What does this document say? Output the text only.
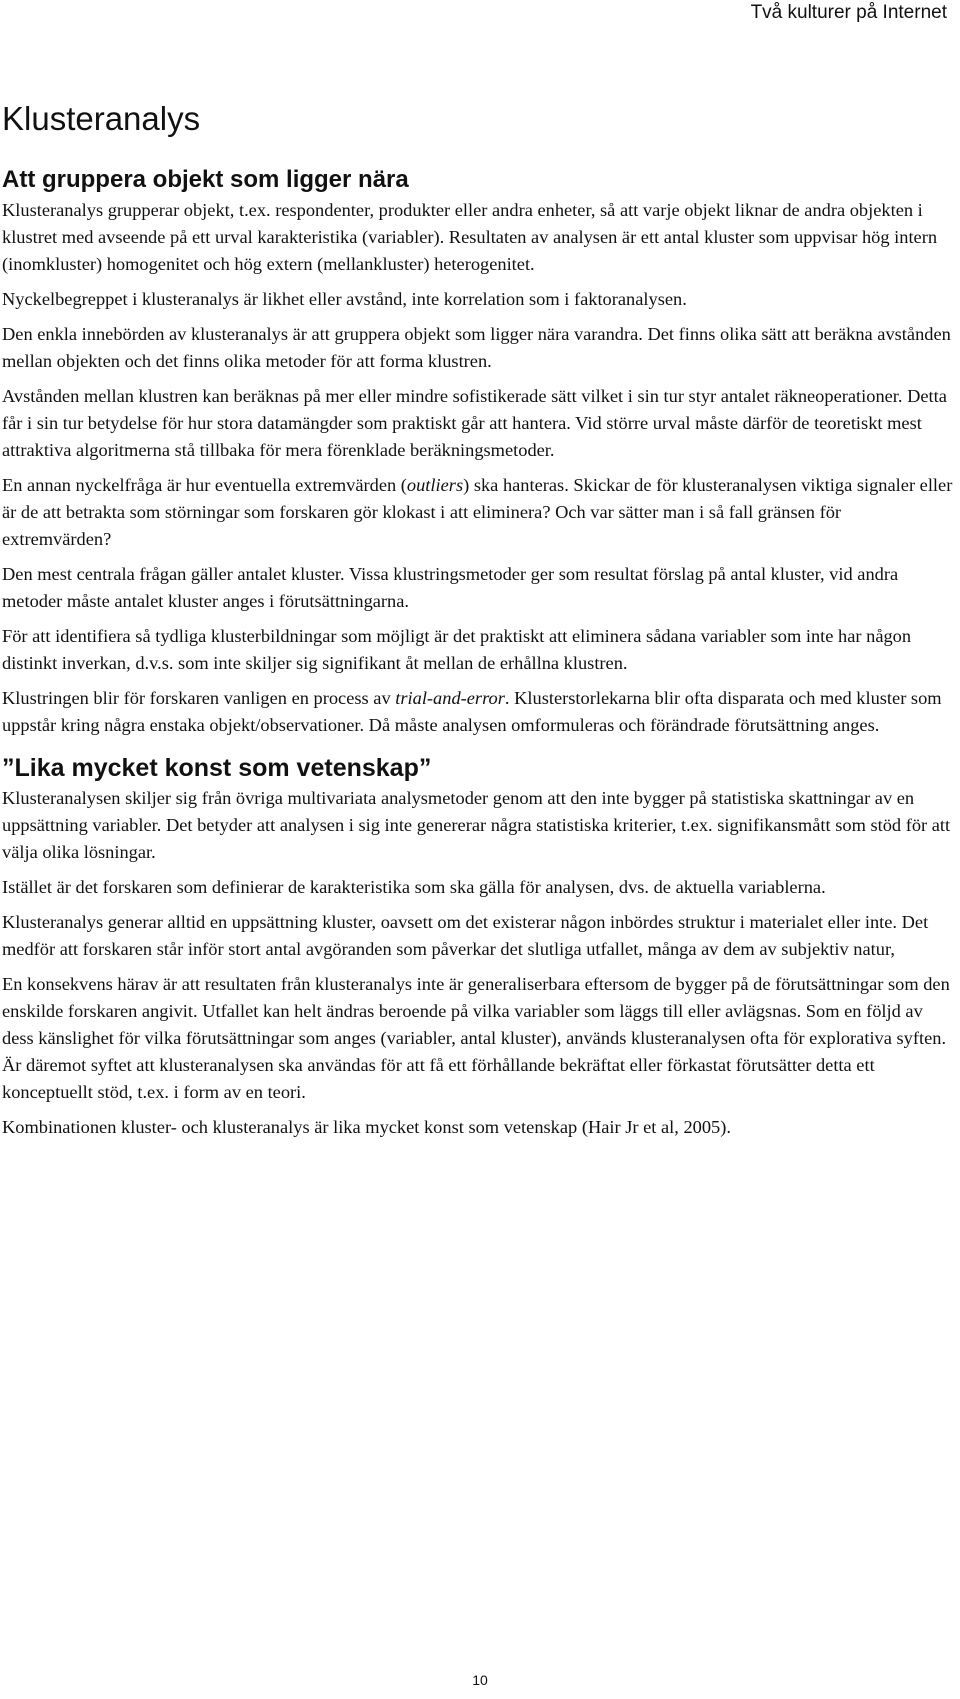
Två kulturer på Internet
Klusteranalys
Att gruppera objekt som ligger nära

Klusteranalys grupperar objekt, t.ex. respondenter, produkter eller andra enheter, så att varje objekt liknar de andra objekten i klustret med avseende på ett urval karakteristika (variabler). Resultaten av analysen är ett antal kluster som uppvisar hög intern (inomkluster) homogenitet och hög extern (mellankluster) heterogenitet.

Nyckelbegreppet i klusteranalys är likhet eller avstånd, inte korrelation som i faktoranalysen.

Den enkla innebörden av klusteranalys är att gruppera objekt som ligger nära varandra. Det finns olika sätt att beräkna avstånden mellan objekten och det finns olika metoder för att forma klustren.

Avstånden mellan klustren kan beräknas på mer eller mindre sofistikerade sätt vilket i sin tur styr antalet räkneoperationer. Detta får i sin tur betydelse för hur stora datamängder som praktiskt går att hantera. Vid större urval måste därför de teoretiskt mest attraktiva algoritmerna stå tillbaka för mera förenklade beräkningsmetoder.

En annan nyckelfråga är hur eventuella extremvärden (outliers) ska hanteras. Skickar de för klusteranalysen viktiga signaler eller är de att betrakta som störningar som forskaren gör klokast i att eliminera? Och var sätter man i så fall gränsen för extremvärden?

Den mest centrala frågan gäller antalet kluster. Vissa klustringsmetoder ger som resultat förslag på antal kluster, vid andra metoder måste antalet kluster anges i förutsättningarna.

För att identifiera så tydliga klusterbildningar som möjligt är det praktiskt att eliminera sådana variabler som inte har någon distinkt inverkan, d.v.s. som inte skiljer sig signifikant åt mellan de erhållna klustren.

Klustringen blir för forskaren vanligen en process av trial-and-error. Klusterstorlekarna blir ofta disparata och med kluster som uppstår kring några enstaka objekt/observationer. Då måste analysen omformuleras och förändrade förutsättning anges.

”Lika mycket konst som vetenskap”

Klusteranalysen skiljer sig från övriga multivariata analysmetoder genom att den inte bygger på statistiska skattningar av en uppsättning variabler. Det betyder att analysen i sig inte genererar några statistiska kriterier, t.ex. signifikansmått som stöd för att välja olika lösningar.

Istället är det forskaren som definierar de karakteristika som ska gälla för analysen, dvs. de aktuella variablerna.

Klusteranalys generar alltid en uppsättning kluster, oavsett om det existerar någon inbördes struktur i materialet eller inte. Det medför att forskaren står inför stort antal avgöranden som påverkar det slutliga utfallet, många av dem av subjektiv natur,

En konsekvens härav är att resultaten från klusteranalys inte är generaliserbara eftersom de bygger på de förutsättningar som den enskilde forskaren angivit. Utfallet kan helt ändras beroende på vilka variabler som läggs till eller avlägsnas. Som en följd av dess känslighet för vilka förutsättningar som anges (variabler, antal kluster), används klusteranalysen ofta för explorativa syften. Är däremot syftet att klusteranalysen ska användas för att få ett förhållande bekräftat eller förkastat förutsätter detta ett konceptuellt stöd, t.ex. i form av en teori.

Kombinationen kluster- och klusteranalys är lika mycket konst som vetenskap (Hair Jr et al, 2005).

10
